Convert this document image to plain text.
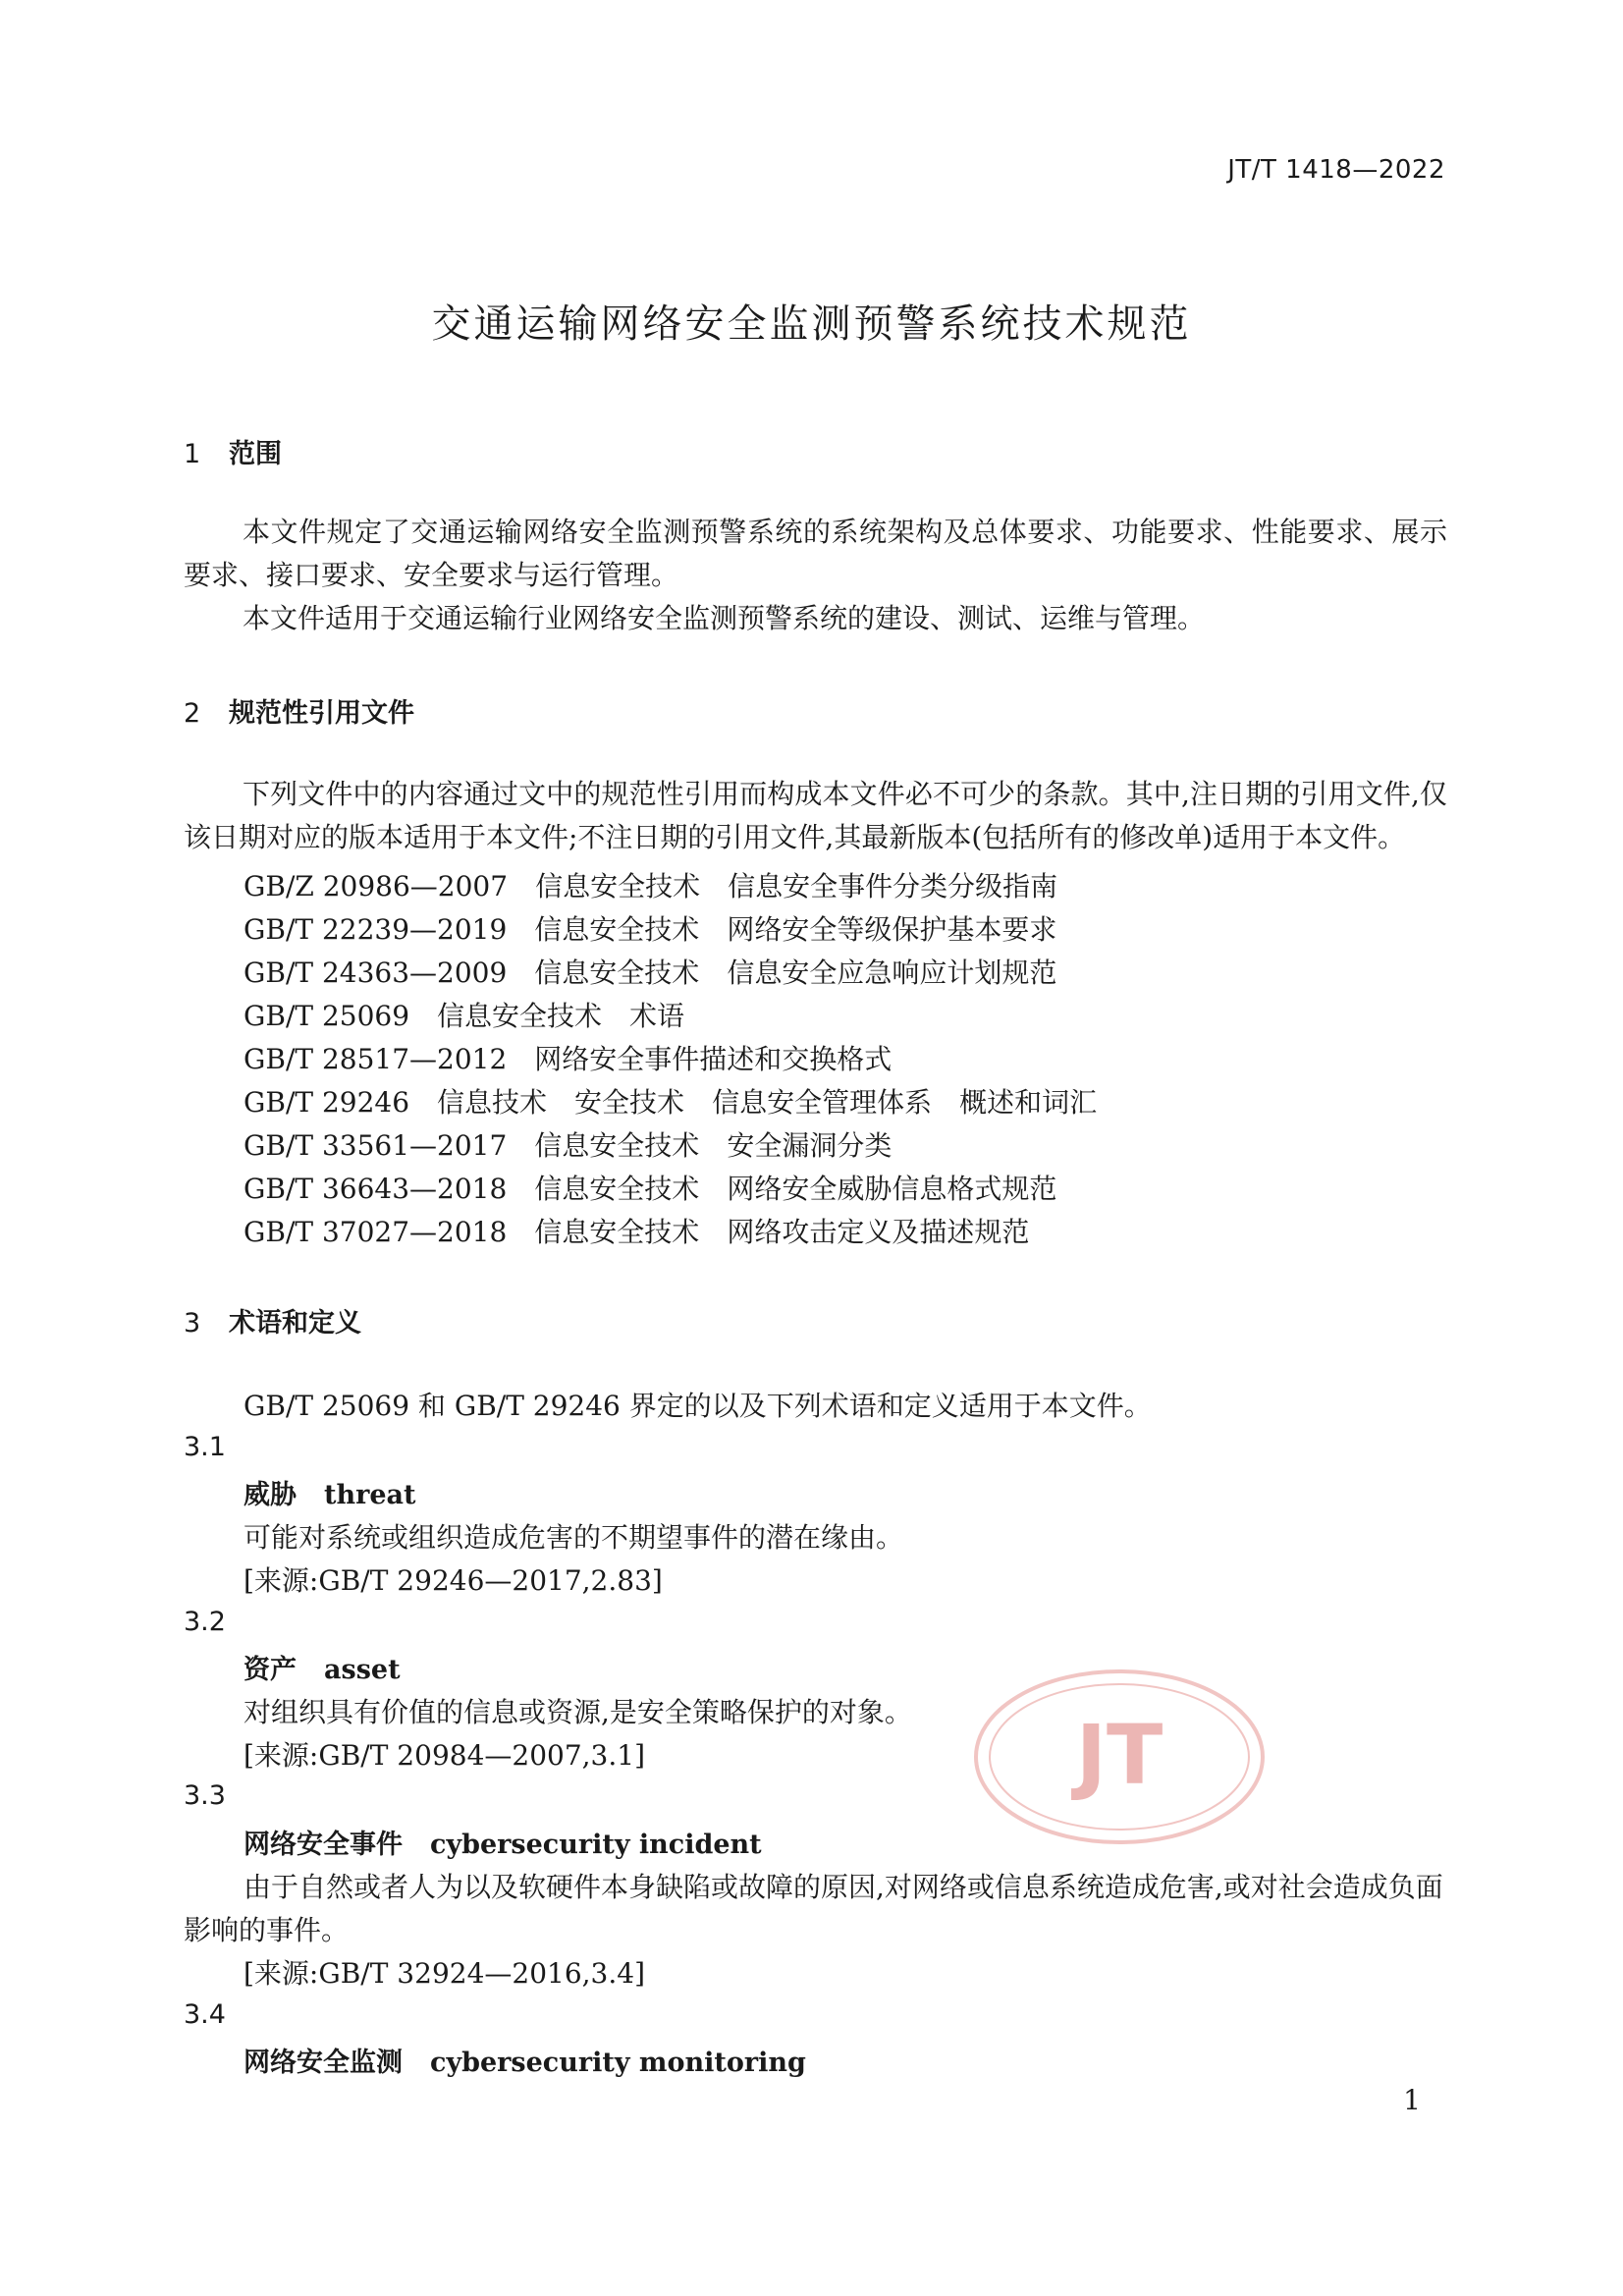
JT/T 1418—2022
交通运输网络安全监测预警系统技术规范
1 范围
本文件规定了交通运输网络安全监测预警系统的系统架构及总体要求、功能要求、性能要求、展示要求、接口要求、安全要求与运行管理。
本文件适用于交通运输行业网络安全监测预警系统的建设、测试、运维与管理。
2 规范性引用文件
下列文件中的内容通过文中的规范性引用而构成本文件必不可少的条款。其中,注日期的引用文件,仅该日期对应的版本适用于本文件;不注日期的引用文件,其最新版本(包括所有的修改单)适用于本文件。
GB/Z 20986—2007 信息安全技术 信息安全事件分类分级指南
GB/T 22239—2019 信息安全技术 网络安全等级保护基本要求
GB/T 24363—2009 信息安全技术 信息安全应急响应计划规范
GB/T 25069 信息安全技术 术语
GB/T 28517—2012 网络安全事件描述和交换格式
GB/T 29246 信息技术 安全技术 信息安全管理体系 概述和词汇
GB/T 33561—2017 信息安全技术 安全漏洞分类
GB/T 36643—2018 信息安全技术 网络安全威胁信息格式规范
GB/T 37027—2018 信息安全技术 网络攻击定义及描述规范
3 术语和定义
GB/T 25069 和 GB/T 29246 界定的以及下列术语和定义适用于本文件。
3.1
威胁 threat
可能对系统或组织造成危害的不期望事件的潜在缘由。
[来源:GB/T 29246—2017,2.83]
3.2
资产 asset
对组织具有价值的信息或资源,是安全策略保护的对象。
[来源:GB/T 20984—2007,3.1]
3.3
网络安全事件 cybersecurity incident
由于自然或者人为以及软硬件本身缺陷或故障的原因,对网络或信息系统造成危害,或对社会造成负面影响的事件。
[来源:GB/T 32924—2016,3.4]
3.4
网络安全监测 cybersecurity monitoring
JT
1
